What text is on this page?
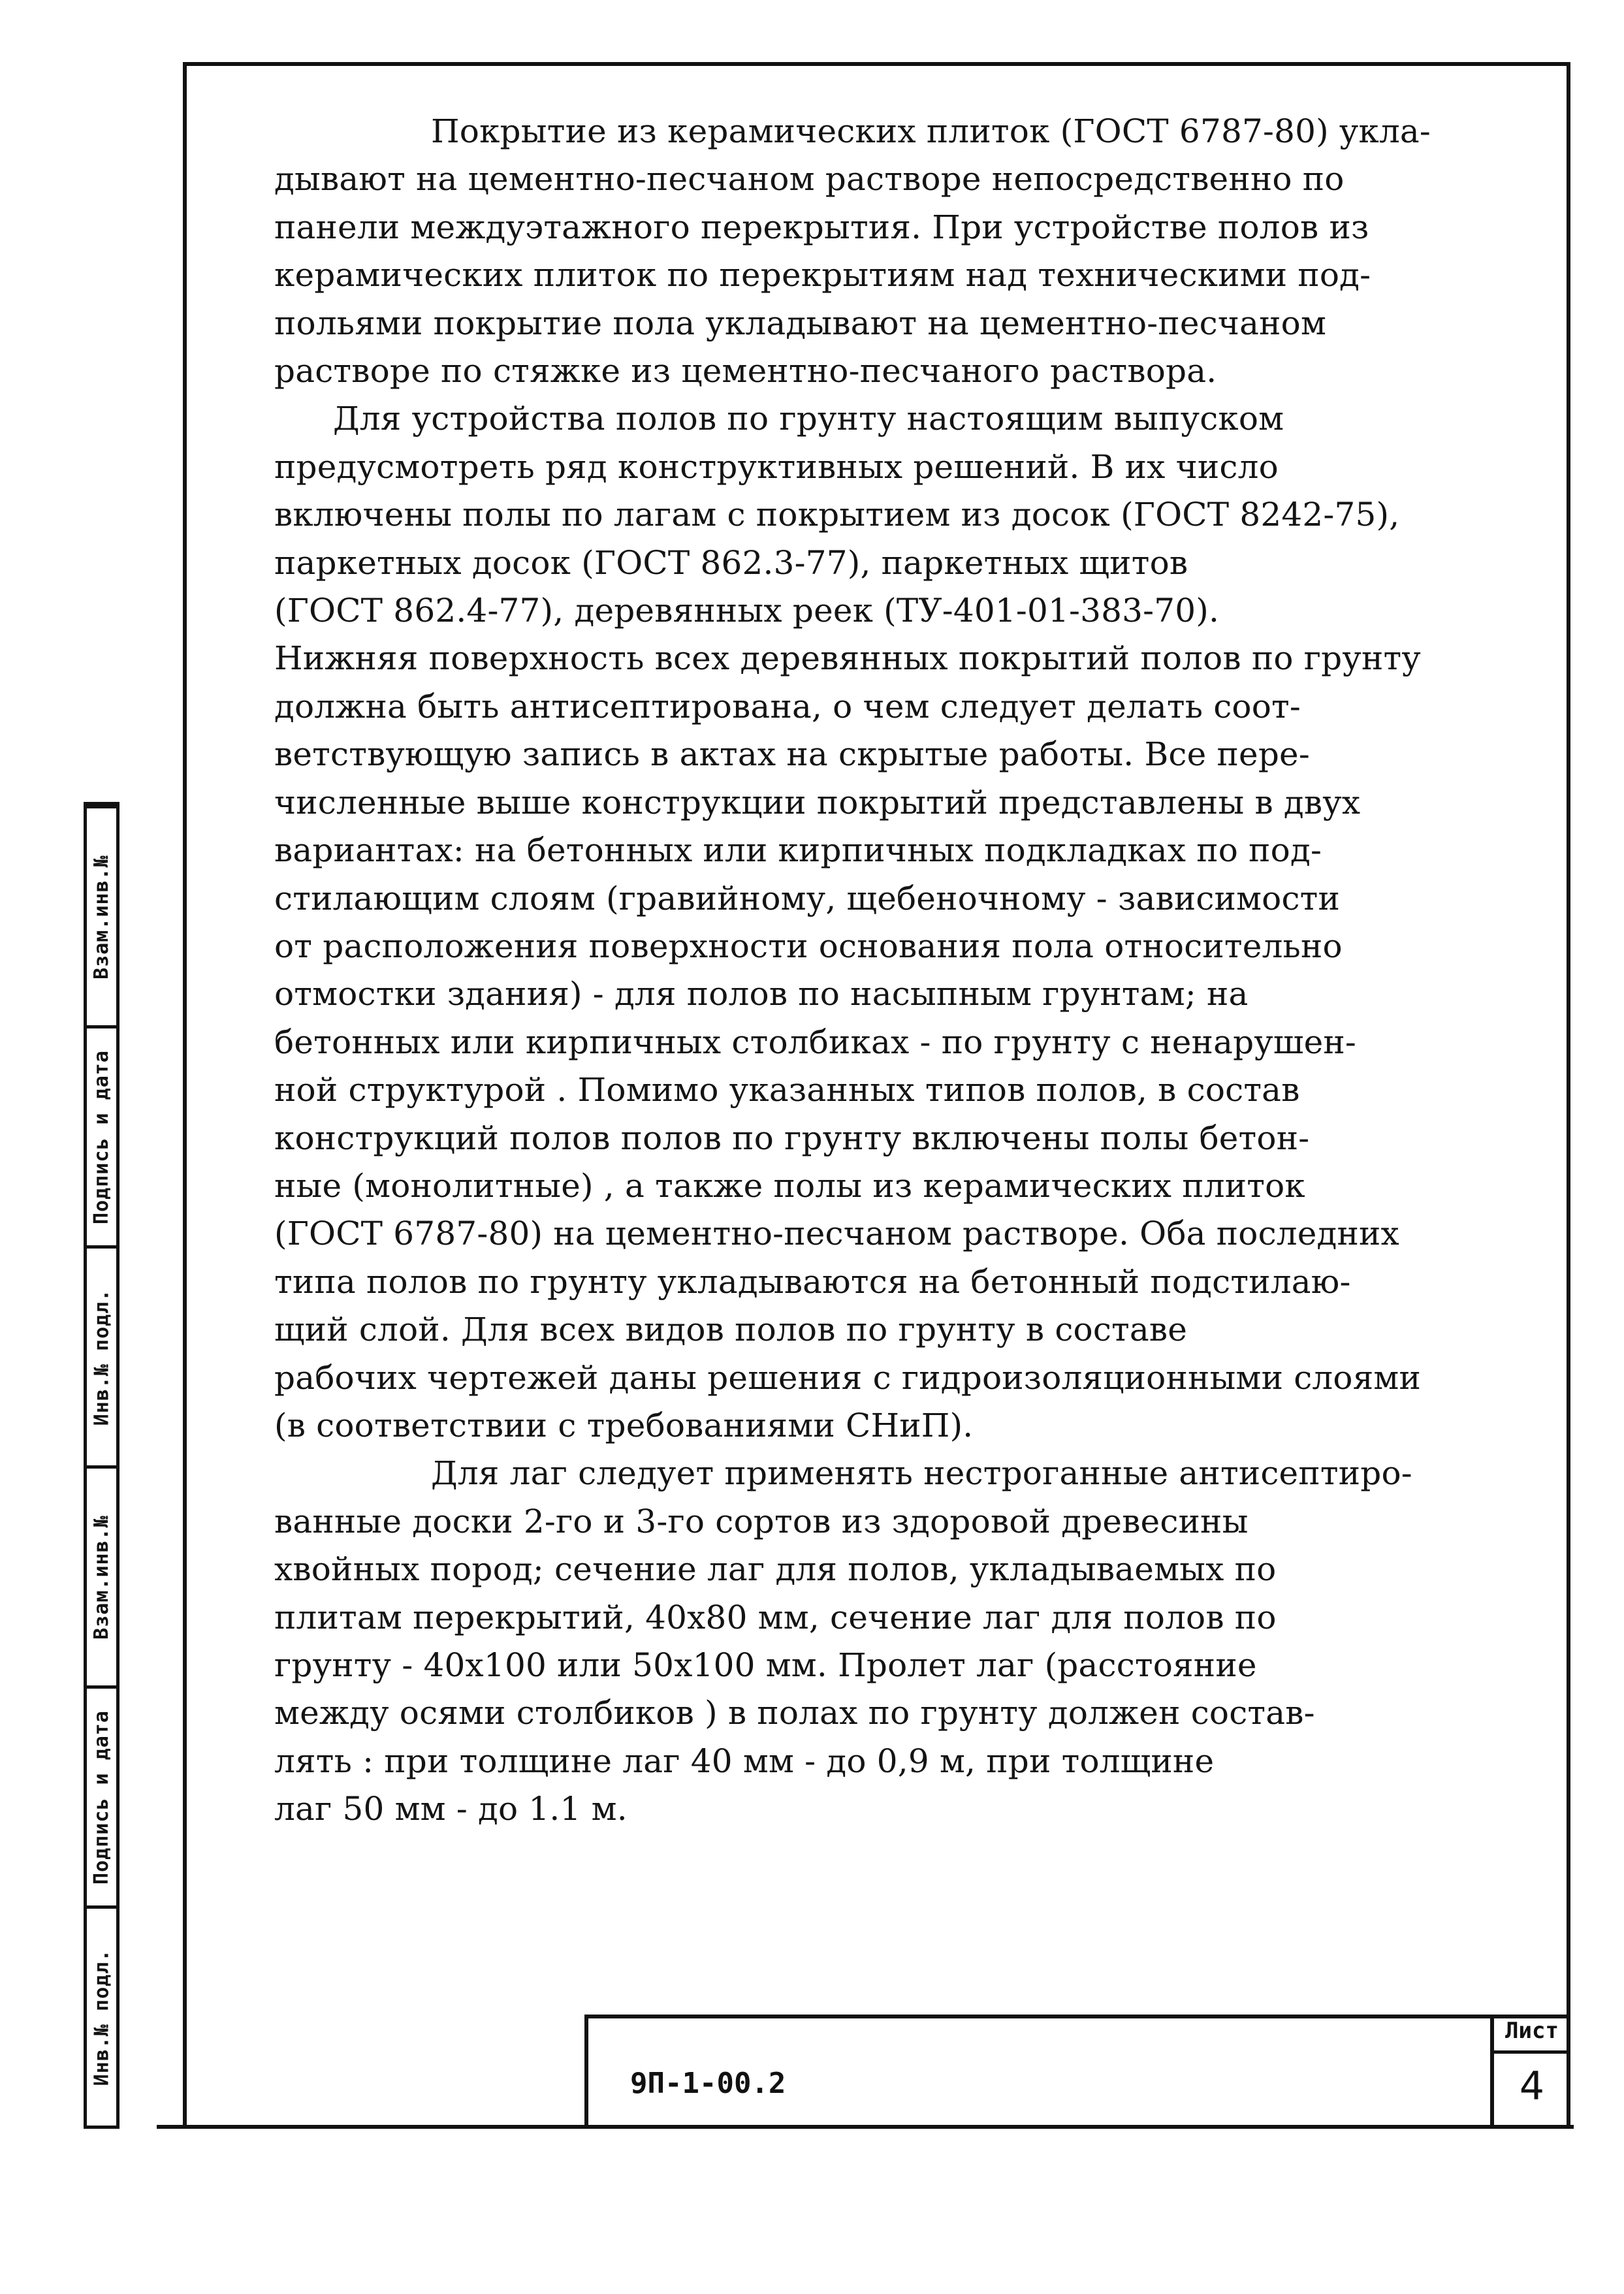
Инв.№ подл.
Подпись и дата
Взам.инв.№
Инв.№ подл.
Подпись и дата
Взам.инв.№

Покрытие из керамических плиток (ГОСТ 6787-80) укла-
дывают на цементно-песчаном растворе непосредственно по
панели междуэтажного перекрытия. При устройстве полов из
керамических плиток по перекрытиям над техническими под-
польями покрытие пола укладывают на цементно-песчаном
растворе по стяжке из цементно-песчаного раствора.

Для устройства полов по грунту настоящим выпуском
предусмотреть ряд конструктивных решений. В их число
включены полы по лагам с покрытием из досок (ГОСТ 8242-75),
паркетных досок (ГОСТ 862.3-77), паркетных щитов
(ГОСТ 862.4-77), деревянных реек (ТУ-401-01-383-70).
Нижняя поверхность всех деревянных покрытий полов по грунту
должна быть антисептирована, о чем следует делать соот-
ветствующую запись в актах на скрытые работы. Все пере-
численные выше конструкции покрытий представлены в двух
вариантах: на бетонных или кирпичных подкладках по под-
стилающим слоям (гравийному, щебеночному - зависимости
от расположения поверхности основания пола относительно
отмостки здания) - для полов по насыпным грунтам; на
бетонных или кирпичных столбиках - по грунту с ненарушен-
ной структурой . Помимо указанных типов полов, в состав
конструкций полов полов по грунту включены полы бетон-
ные (монолитные) , а также полы из керамических плиток
(ГОСТ 6787-80) на цементно-песчаном растворе. Оба последних
типа полов по грунту укладываются на бетонный подстилаю-
щий слой. Для всех видов полов по грунту в составе
рабочих чертежей даны решения с гидроизоляционными слоями
(в соответствии с требованиями СНиП).

Для лаг следует применять нестроганные антисептиро-
ванные доски 2-го и 3-го сортов из здоровой древесины
хвойных пород; сечение лаг для полов, укладываемых по
плитам перекрытий, 40х80 мм, сечение лаг для полов по
грунту - 40х100 или 50х100 мм. Пролет лаг (расстояние
между осями столбиков ) в полах по грунту должен состав-
лять : при толщине лаг 40 мм - до 0,9 м, при толщине
лаг 50 мм - до 1.1 м.

9П-1-00.2
Лист
4
